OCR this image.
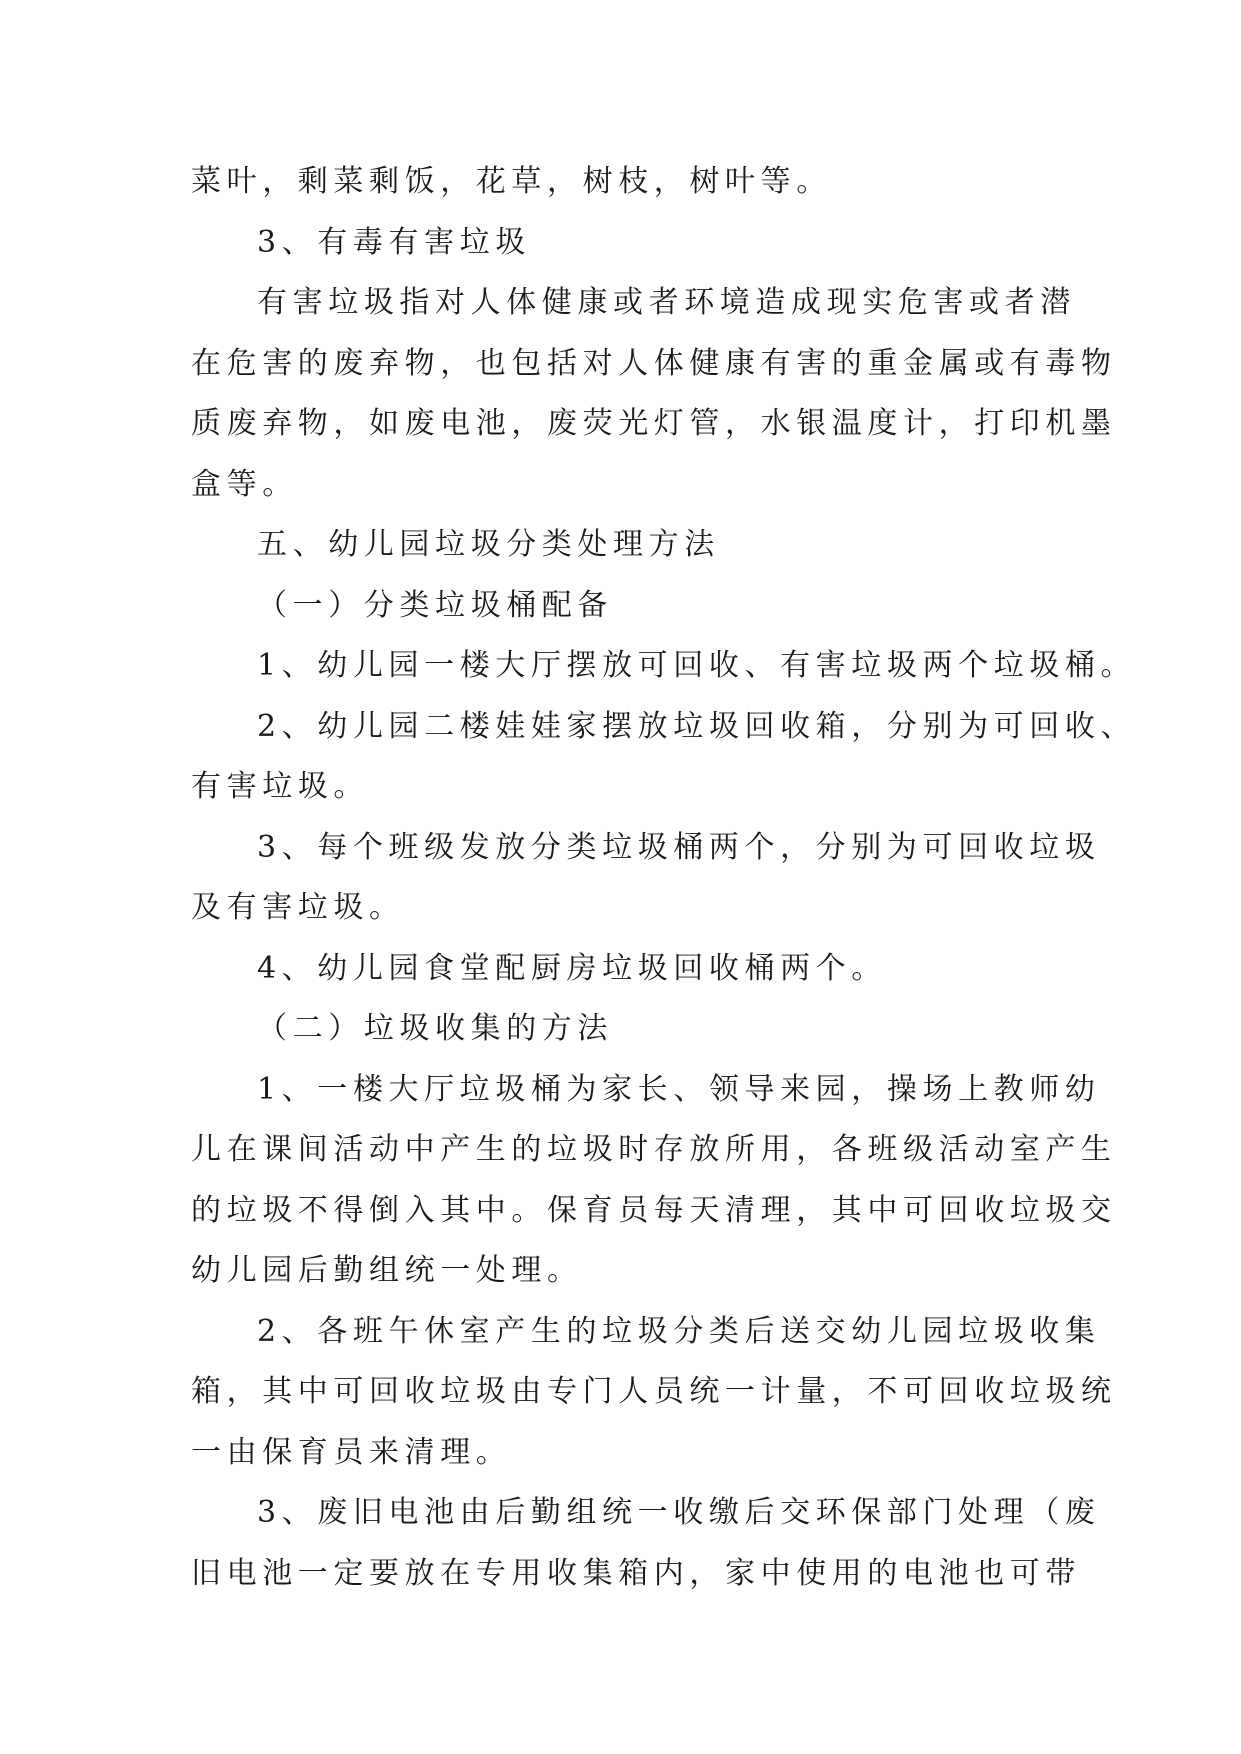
菜叶，剩菜剩饭，花草，树枝，树叶等。
3、有毒有害垃圾
有害垃圾指对人体健康或者环境造成现实危害或者潜
在危害的废弃物，也包括对人体健康有害的重金属或有毒物
质废弃物，如废电池，废荧光灯管，水银温度计，打印机墨
盒等。
五、幼儿园垃圾分类处理方法
（一）分类垃圾桶配备
1、幼儿园一楼大厅摆放可回收、有害垃圾两个垃圾桶。
2、幼儿园二楼娃娃家摆放垃圾回收箱，分别为可回收、
有害垃圾。
3、每个班级发放分类垃圾桶两个，分别为可回收垃圾
及有害垃圾。
4、幼儿园食堂配厨房垃圾回收桶两个。
（二）垃圾收集的方法
1、一楼大厅垃圾桶为家长、领导来园，操场上教师幼
儿在课间活动中产生的垃圾时存放所用，各班级活动室产生
的垃圾不得倒入其中。保育员每天清理，其中可回收垃圾交
幼儿园后勤组统一处理。
2、各班午休室产生的垃圾分类后送交幼儿园垃圾收集
箱，其中可回收垃圾由专门人员统一计量，不可回收垃圾统
一由保育员来清理。
3、废旧电池由后勤组统一收缴后交环保部门处理（废
旧电池一定要放在专用收集箱内，家中使用的电池也可带
